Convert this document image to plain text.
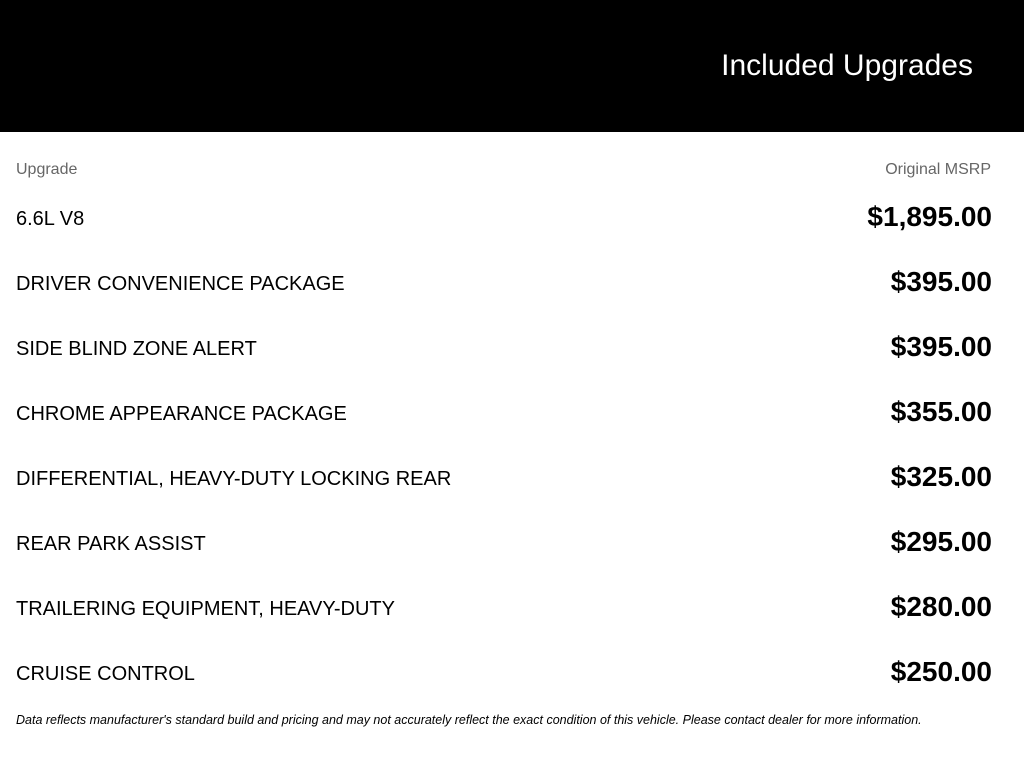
Included Upgrades
Upgrade	Original MSRP
6.6L V8	$1,895.00
DRIVER CONVENIENCE PACKAGE	$395.00
SIDE BLIND ZONE ALERT	$395.00
CHROME APPEARANCE PACKAGE	$355.00
DIFFERENTIAL, HEAVY-DUTY LOCKING REAR	$325.00
REAR PARK ASSIST	$295.00
TRAILERING EQUIPMENT, HEAVY-DUTY	$280.00
CRUISE CONTROL	$250.00
Data reflects manufacturer's standard build and pricing and may not accurately reflect the exact condition of this vehicle. Please contact dealer for more information.
